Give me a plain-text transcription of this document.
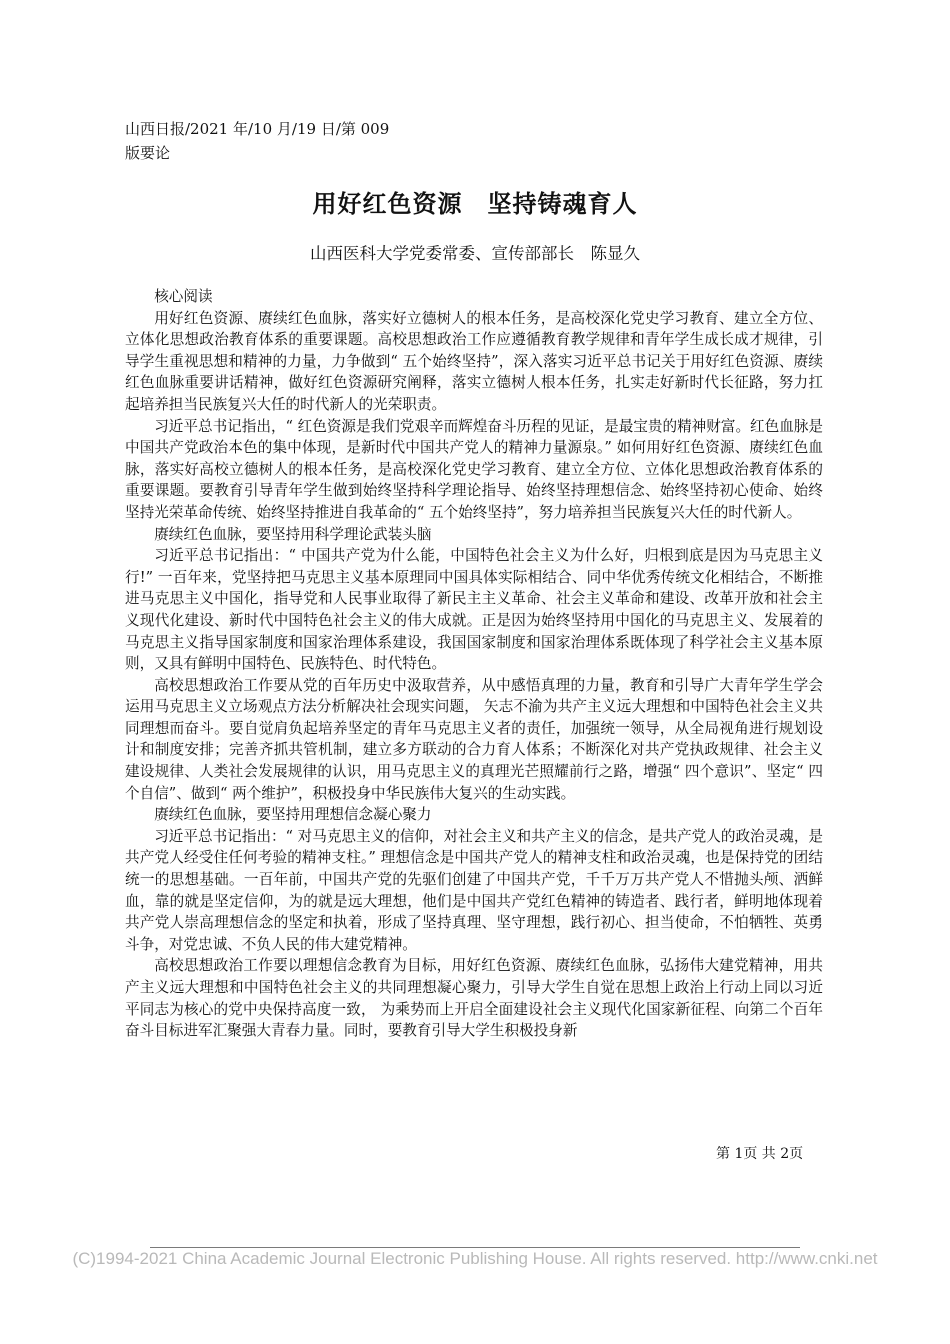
山西日报/2021 年/10 月/19 日/第 009
版要论
用好红色资源　坚持铸魂育人
山西医科大学党委常委、宣传部部长　陈显久

核心阅读

用好红色资源、赓续红色血脉，落实好立德树人的根本任务，是高校深化党史学习教育、建立全方位、立体化思想政治教育体系的重要课题。高校思想政治工作应遵循教育教学规律和青年学生成长成才规律，引导学生重视思想和精神的力量，力争做到“ 五个始终坚持”，深入落实习近平总书记关于用好红色资源、赓续红色血脉重要讲话精神，做好红色资源研究阐释，落实立德树人根本任务，扎实走好新时代长征路，努力扛起培养担当民族复兴大任的时代新人的光荣职责。

习近平总书记指出，“ 红色资源是我们党艰辛而辉煌奋斗历程的见证，是最宝贵的精神财富。红色血脉是中国共产党政治本色的集中体现，是新时代中国共产党人的精神力量源泉。” 如何用好红色资源、赓续红色血脉，落实好高校立德树人的根本任务，是高校深化党史学习教育、建立全方位、立体化思想政治教育体系的重要课题。要教育引导青年学生做到始终坚持科学理论指导、始终坚持理想信念、始终坚持初心使命、始终坚持光荣革命传统、始终坚持推进自我革命的“ 五个始终坚持”，努力培养担当民族复兴大任的时代新人。

赓续红色血脉，要坚持用科学理论武装头脑

习近平总书记指出：“ 中国共产党为什么能，中国特色社会主义为什么好，归根到底是因为马克思主义行!” 一百年来，党坚持把马克思主义基本原理同中国具体实际相结合、同中华优秀传统文化相结合，不断推进马克思主义中国化，指导党和人民事业取得了新民主主义革命、社会主义革命和建设、改革开放和社会主义现代化建设、新时代中国特色社会主义的伟大成就。正是因为始终坚持用中国化的马克思主义、发展着的马克思主义指导国家制度和国家治理体系建设，我国国家制度和国家治理体系既体现了科学社会主义基本原则，又具有鲜明中国特色、民族特色、时代特色。

高校思想政治工作要从党的百年历史中汲取营养，从中感悟真理的力量，教育和引导广大青年学生学会运用马克思主义立场观点方法分析解决社会现实问题， 矢志不渝为共产主义远大理想和中国特色社会主义共同理想而奋斗。要自觉肩负起培养坚定的青年马克思主义者的责任，加强统一领导，从全局视角进行规划设计和制度安排；完善齐抓共管机制，建立多方联动的合力育人体系；不断深化对共产党执政规律、社会主义建设规律、人类社会发展规律的认识，用马克思主义的真理光芒照耀前行之路，增强“ 四个意识”、坚定“ 四个自信”、做到“ 两个维护”，积极投身中华民族伟大复兴的生动实践。

赓续红色血脉，要坚持用理想信念凝心聚力

习近平总书记指出：“ 对马克思主义的信仰，对社会主义和共产主义的信念，是共产党人的政治灵魂，是共产党人经受住任何考验的精神支柱。” 理想信念是中国共产党人的精神支柱和政治灵魂，也是保持党的团结统一的思想基础。一百年前，中国共产党的先驱们创建了中国共产党，千千万万共产党人不惜抛头颅、洒鲜血，靠的就是坚定信仰，为的就是远大理想，他们是中国共产党红色精神的铸造者、践行者，鲜明地体现着共产党人崇高理想信念的坚定和执着，形成了坚持真理、坚守理想，践行初心、担当使命，不怕牺牲、英勇斗争，对党忠诚、不负人民的伟大建党精神。

高校思想政治工作要以理想信念教育为目标，用好红色资源、赓续红色血脉，弘扬伟大建党精神，用共产主义远大理想和中国特色社会主义的共同理想凝心聚力，引导大学生自觉在思想上政治上行动上同以习近平同志为核心的党中央保持高度一致， 为乘势而上开启全面建设社会主义现代化国家新征程、向第二个百年奋斗目标进军汇聚强大青春力量。同时，要教育引导大学生积极投身新

第 1页 共 2页
(C)1994-2021 China Academic Journal Electronic Publishing House. All rights reserved. http://www.cnki.net
